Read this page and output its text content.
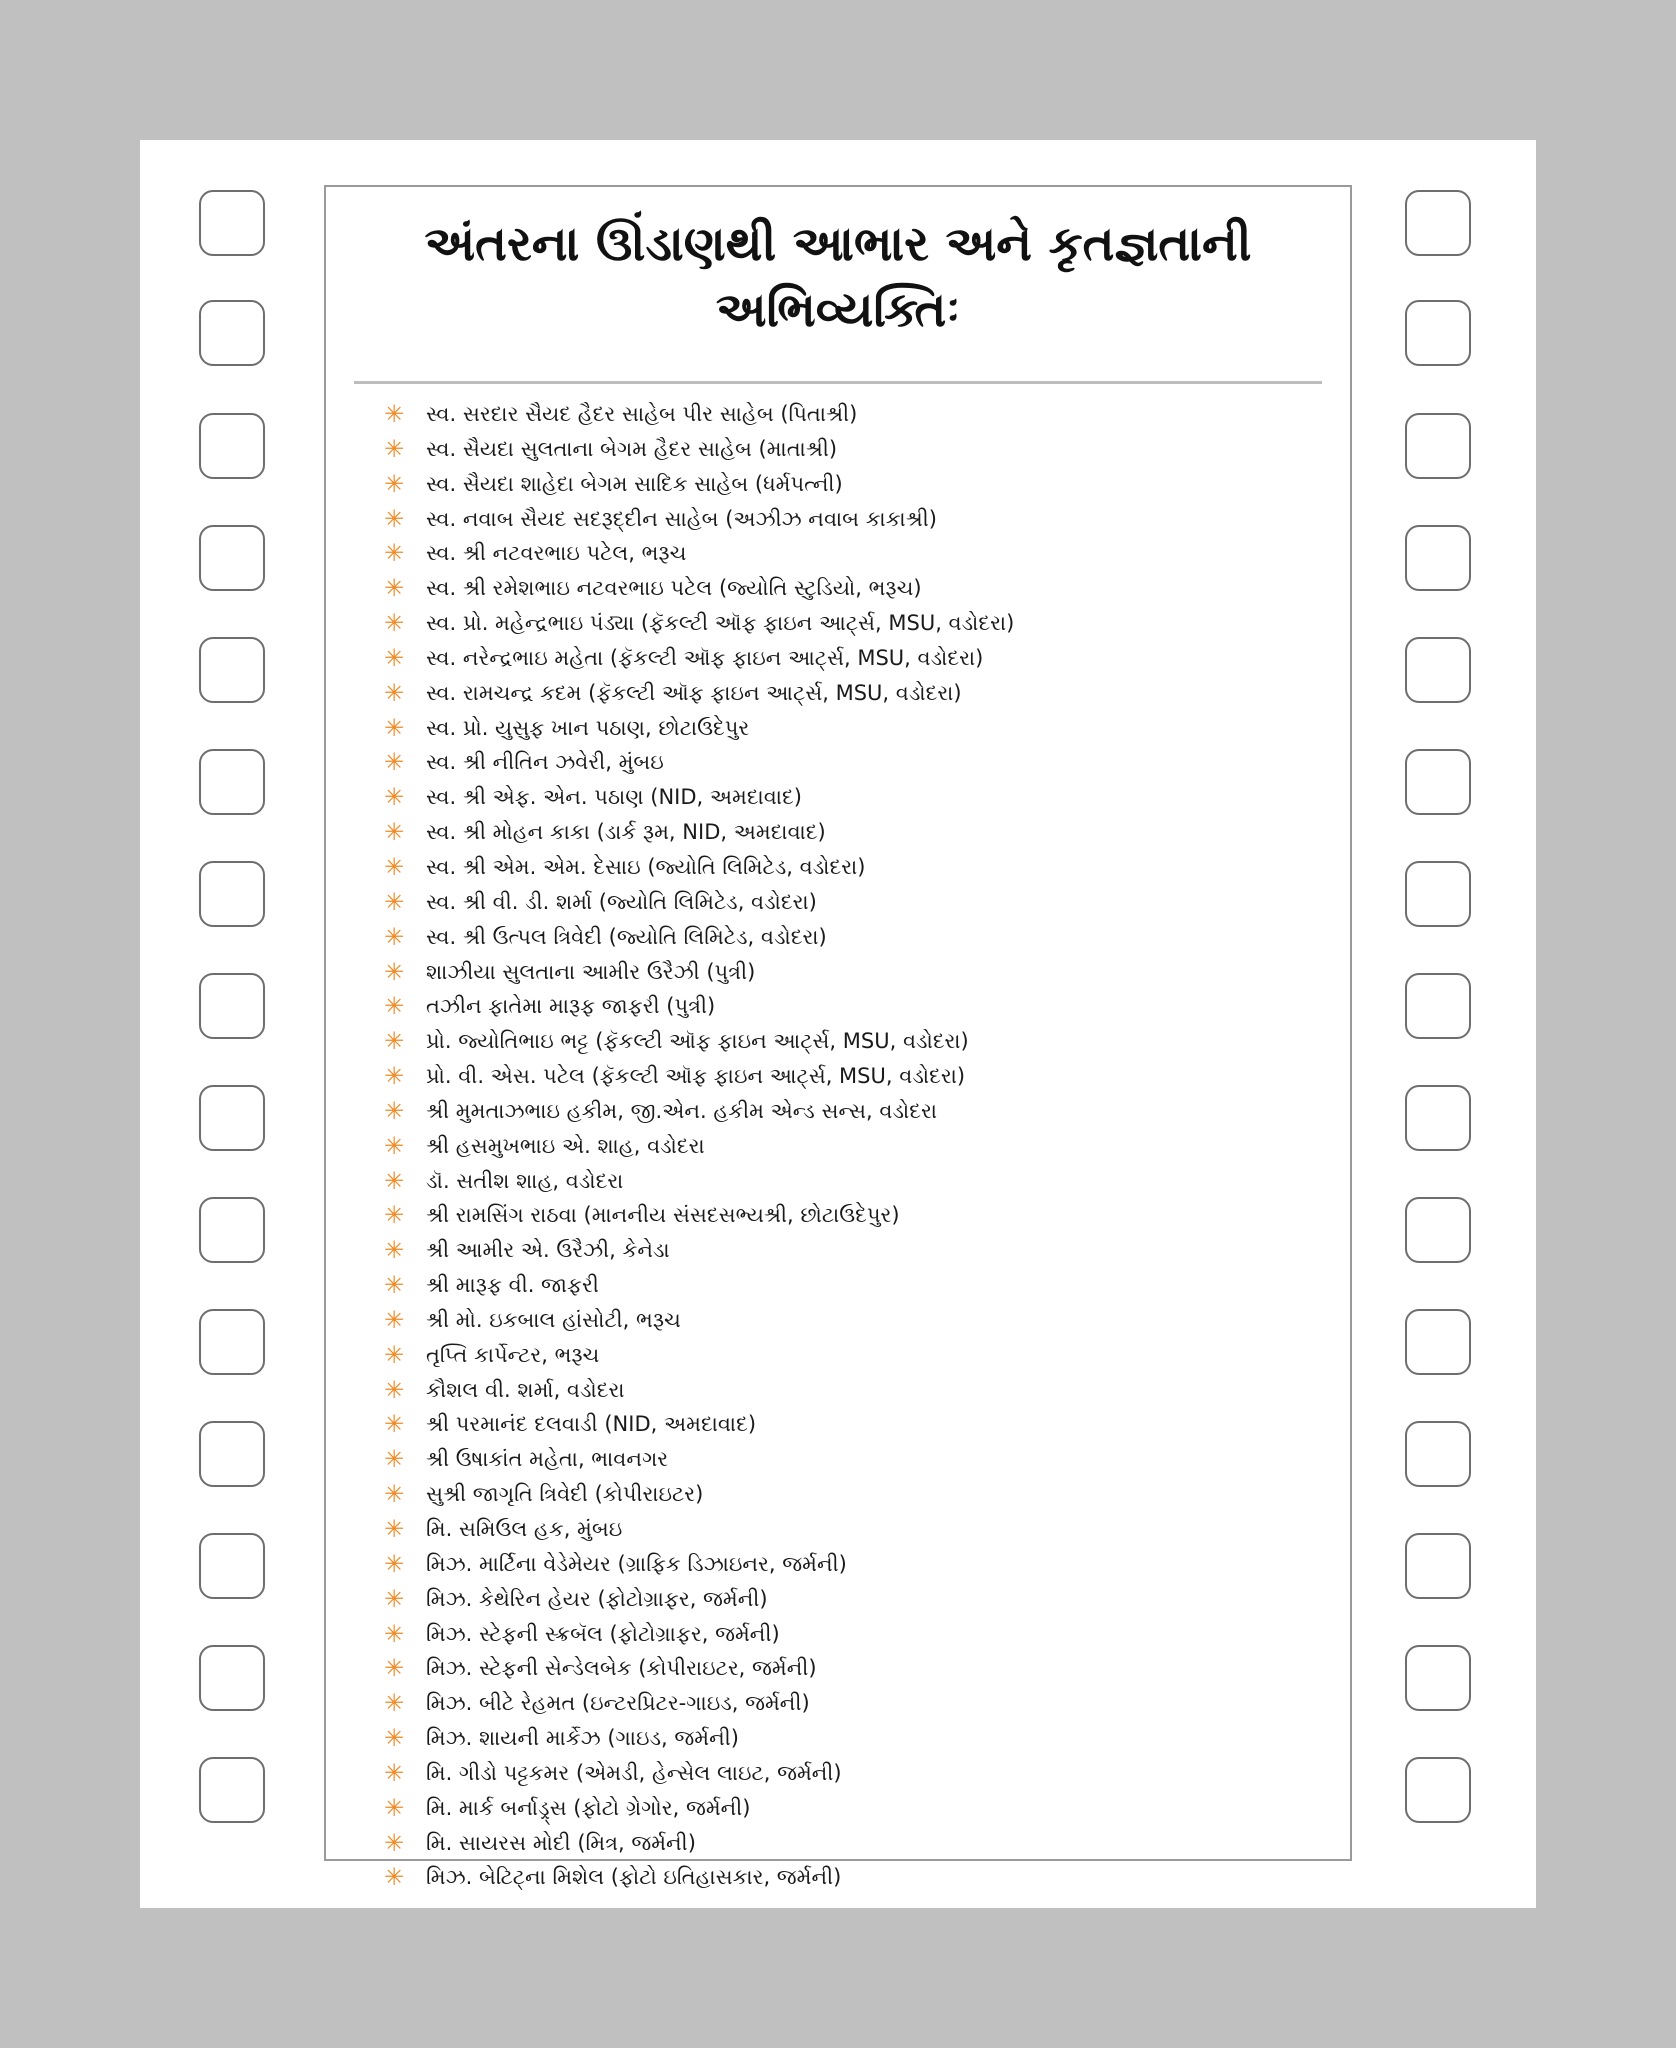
અંતરના ઊંડાણથી આભાર અને કૃતજ્ઞતાની અભિવ્યક્તિઃ
✳	સ્વ. સરદાર સૈયદ હૈદર સાહેબ પીર સાહેબ (પિતાશ્રી)
✳	સ્વ. સૈયદા સુલતાના બેગમ હૈદર સાહેબ (માતાશ્રી)
✳	સ્વ. સૈયદા શાહેદા બેગમ સાદિક સાહેબ (ધર્મપત્ની)
✳	સ્વ. નવાબ સૈયદ સદરૂદ્દીન સાહેબ (અઝીઝ નવાબ કાકાશ્રી)
✳	સ્વ. શ્રી નટવરભાઇ પટેલ, ભરૂચ
✳	સ્વ. શ્રી રમેશભાઇ નટવરભાઇ પટેલ (જ્યોતિ સ્ટુડિયો, ભરૂચ)
✳	સ્વ. પ્રો. મહેન્દ્રભાઇ પંડ્યા (ફૅકલ્ટી ઑફ ફાઇન આર્ટ્સ, MSU, વડોદરા)
✳	સ્વ. નરેન્દ્રભાઇ મહેતા (ફૅકલ્ટી ઑફ ફાઇન આર્ટ્સ, MSU, વડોદરા)
✳	સ્વ. રામચન્દ્ર કદમ (ફૅકલ્ટી ઑફ ફાઇન આર્ટ્સ, MSU, વડોદરા)
✳	સ્વ. પ્રો. યુસુફ ખાન પઠાણ, છોટાઉદેપુર
✳	સ્વ. શ્રી નીતિન ઝવેરી, મુંબઇ
✳	સ્વ. શ્રી એફ. એન. પઠાણ (NID, અમદાવાદ)
✳	સ્વ. શ્રી મોહન કાકા (ડાર્ક રૂમ, NID, અમદાવાદ)
✳	સ્વ. શ્રી એમ. એમ. દેસાઇ (જ્યોતિ લિમિટેડ, વડોદરા)
✳	સ્વ. શ્રી વી. ડી. શર્મા (જ્યોતિ લિમિટેડ, વડોદરા)
✳	સ્વ. શ્રી ઉત્પલ ત્રિવેદી (જ્યોતિ લિમિટેડ, વડોદરા)
✳	શાઝીયા સુલતાના આમીર ઉરૈઝી (પુત્રી)
✳	તઝીન ફાતેમા મારૂફ જાફરી (પુત્રી)
✳	પ્રો. જ્યોતિભાઇ ભટ્ટ (ફૅકલ્ટી ઑફ ફાઇન આર્ટ્સ, MSU, વડોદરા)
✳	પ્રો. વી. એસ. પટેલ (ફૅકલ્ટી ઑફ ફાઇન આર્ટ્સ, MSU, વડોદરા)
✳	શ્રી મુમતાઝભાઇ હકીમ, જી.એન. હકીમ એન્ડ સન્સ, વડોદરા
✳	શ્રી હસમુખભાઇ એ. શાહ, વડોદરા
✳	ડૉ. સતીશ શાહ, વડોદરા
✳	શ્રી રામસિંગ રાઠવા (માનનીય સંસદસભ્યશ્રી, છોટાઉદેપુર)
✳	શ્રી આમીર એ. ઉરૈઝી, કેનેડા
✳	શ્રી મારૂફ વી. જાફરી
✳	શ્રી મો. ઇકબાલ હાંસોટી, ભરૂચ
✳	તૃપ્તિ કાર્પેન્ટર, ભરૂચ
✳	કૌશલ વી. શર્મા, વડોદરા
✳	શ્રી પરમાનંદ દલવાડી (NID, અમદાવાદ)
✳	શ્રી ઉષાકાંત મહેતા, ભાવનગર
✳	સુશ્રી જાગૃતિ ત્રિવેદી (કોપીરાઇટર)
✳	મિ. સમિઉલ હક, મુંબઇ
✳	મિઝ. માર્ટિના વેડેમેયર (ગ્રાફિક ડિઝાઇનર, જર્મની)
✳	મિઝ. કેથેરિન હેયર (ફોટોગ્રાફર, જર્મની)
✳	મિઝ. સ્ટેફની સ્ક્રબૅલ (ફોટોગ્રાફર, જર્મની)
✳	મિઝ. સ્ટેફની સેન્ડેલબેક (કોપીરાઇટર, જર્મની)
✳	મિઝ. બીટે રેહમત (ઇન્ટરપ્રિટર-ગાઇડ, જર્મની)
✳	મિઝ. શાયની માર્કેઝ (ગાઇડ, જર્મની)
✳	મિ. ગીડો પટ્ટકમર (એમડી, હેન્સેલ લાઇટ, જર્મની)
✳	મિ. માર્ક બર્નાડ્ર્સ (ફોટો ગ્રેગોર, જર્મની)
✳	મિ. સાયરસ મોદી (મિત્ર, જર્મની)
✳	મિઝ. બેટિટ્ના મિશેલ (ફોટો ઇતિહાસકાર, જર્મની)
